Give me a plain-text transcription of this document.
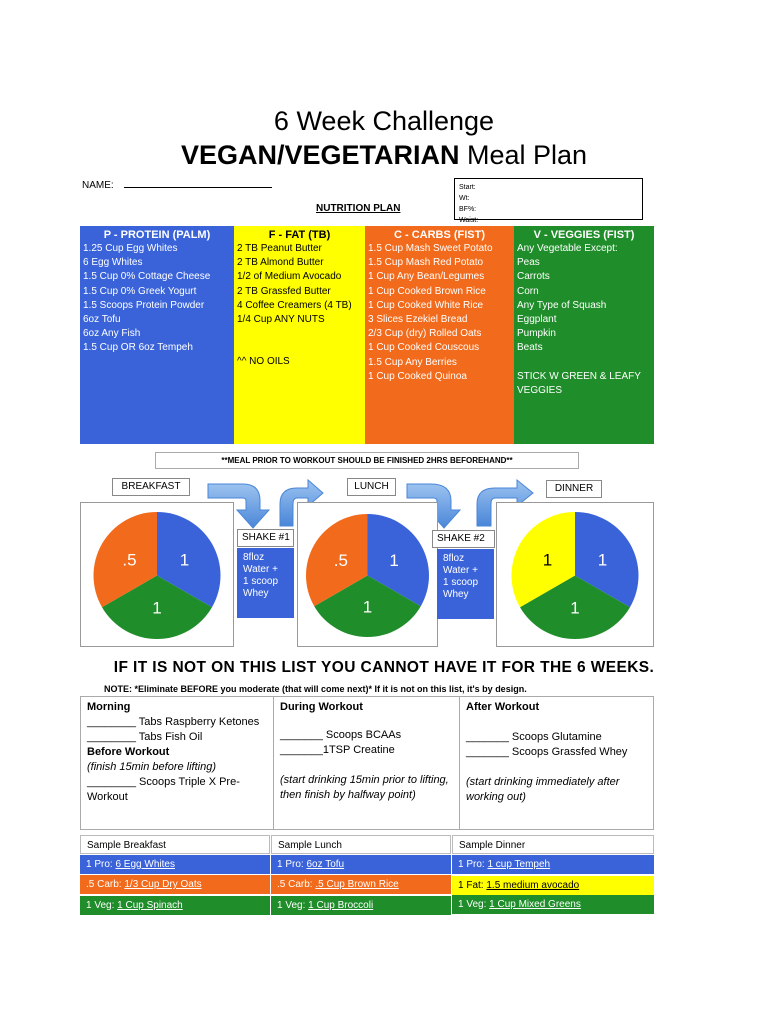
6 Week Challenge
VEGAN/VEGETARIAN Meal Plan
NAME:	Start:
Wt:
BF%:
Waist:
NUTRITION PLAN
P - PROTEIN (PALM)
1.25 Cup Egg Whites
6 Egg Whites
1.5 Cup 0% Cottage Cheese
1.5 Cup 0% Greek Yogurt
1.5 Scoops Protein Powder
6oz Tofu
6oz Any Fish
1.5 Cup OR 6oz Tempeh
F - FAT (TB)
2 TB Peanut Butter
2 TB Almond Butter
1/2 of Medium Avocado
2 TB Grassfed Butter
4 Coffee Creamers (4 TB)
1/4 Cup ANY NUTS
^^ NO OILS
C - CARBS (FIST)
1.5 Cup Mash Sweet Potato
1.5 Cup Mash Red Potato
1 Cup Any Bean/Legumes
1 Cup Cooked Brown Rice
1 Cup Cooked White Rice
3 Slices Ezekiel Bread
2/3 Cup (dry) Rolled Oats
1 Cup Cooked Couscous
1.5 Cup Any Berries
1 Cup Cooked Quinoa
V - VEGGIES (FIST)
Any Vegetable Except:
Peas
Carrots
Corn
Any Type of Squash
Eggplant
Pumpkin
Beats
STICK W GREEN & LEAFY VEGGIES
**MEAL PRIOR TO WORKOUT SHOULD BE FINISHED 2HRS BEFOREHAND**
BREAKFAST	LUNCH	DINNER
1
1
.5	1
1
.5	1
1
1
SHAKE #1
8floz
Water +
1 scoop
Whey
SHAKE #2
8floz
Water +
1 scoop
Whey
IF IT IS NOT ON THIS LIST YOU CANNOT HAVE IT FOR THE 6 WEEKS.
NOTE: *Eliminate BEFORE you moderate (that will come next)* If it is not on this list, it's by design.
Morning
________ Tabs Raspberry Ketones
________ Tabs Fish Oil
Before Workout
(finish 15min before lifting)
________ Scoops Triple X Pre-Workout
During Workout
_______ Scoops BCAAs
_______1TSP Creatine
(start drinking 15min prior to lifting, then finish by halfway point)
After Workout
_______ Scoops Glutamine
_______ Scoops Grassfed Whey
(start drinking immediately after working out)
Sample Breakfast	Sample Lunch	Sample Dinner
1 Pro: 6 Egg Whites	1 Pro: 6oz Tofu	1 Pro: 1 cup Tempeh
.5 Carb: 1/3 Cup Dry Oats	.5 Carb: .5 Cup Brown Rice	1 Fat: 1.5 medium avocado
1 Veg: 1 Cup Spinach	1 Veg: 1 Cup Broccoli	1 Veg: 1 Cup Mixed Greens
